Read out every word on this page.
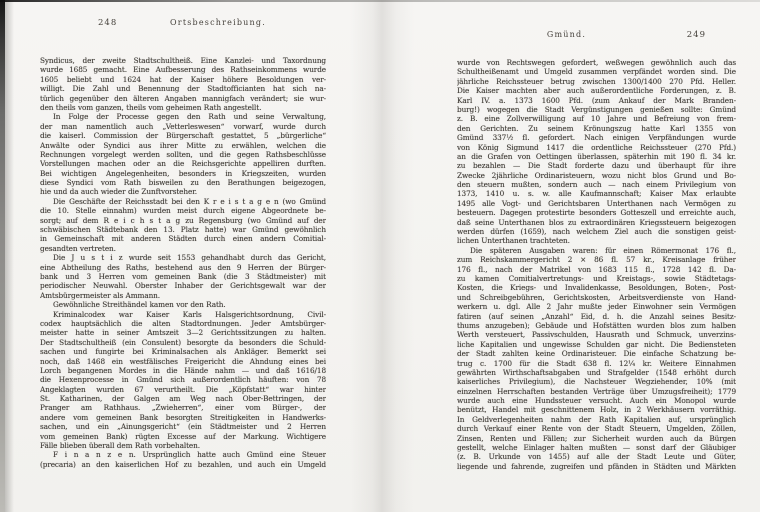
248	Ortsbeschreibung.

Syndicus, der zweite Stadtschultheiß. Eine Kanzlei- und Taxordnung
wurde 1685 gemacht. Eine Aufbesserung des Rathseinkommens wurde
1605 beliebt und 1624 hat der Kaiser höhere Besoldungen ver-
willigt. Die Zahl und Benennung der Stadtofficianten hat sich na-
türlich gegenüber den älteren Angaben mannigfach verändert; sie wur-
den theils vom ganzen, theils vom geheimen Rath angestellt.

In Folge der Processe gegen den Rath und seine Verwaltung,
der man namentlich auch „Vetterleswesen“ vorwarf, wurde durch
die kaiserl. Commission der Bürgerschaft gestattet, 5 „bürgerliche“
Anwälte oder Syndici aus ihrer Mitte zu erwählen, welchen die
Rechnungen vorgelegt werden sollten, und die gegen Rathsbeschlüsse
Vorstellungen machen oder an die Reichsgerichte appelliren durften.
Bei wichtigen Angelegenheiten, besonders in Kriegszeiten, wurden
diese Syndici vom Rath bisweilen zu den Berathungen beigezogen,
hie und da auch wieder die Zunftvorsteher.

Die Geschäfte der Reichsstadt bei den K r e i s t a g e n (wo Gmünd
die 10. Stelle einnahm) wurden meist durch eigene Abgeordnete be-
sorgt; auf dem R e i c h s t a g zu Regensburg (wo Gmünd auf der
schwäbischen Städtebank den 13. Platz hatte) war Gmünd gewöhnlich
in Gemeinschaft mit anderen Städten durch einen andern Comitial-
gesandten vertreten.

Die J u s t i z wurde seit 1553 gehandhabt durch das Gericht,
eine Abtheilung des Raths, bestehend aus den 9 Herren der Bürger-
bank und 3 Herren vom gemeinen Bank (die 3 Städtmeister) mit
periodischer Neuwahl. Oberster Inhaber der Gerichtsgewalt war der
Amtsbürgermeister als Ammann.

Gewöhnliche Streithändel kamen vor den Rath.

Kriminalcodex war Kaiser Karls Halsgerichtsordnung, Civil-
codex hauptsächlich die alten Stadtordnungen. Jeder Amtsbürger-
meister hatte in seiner Amtszeit 3—2 Gerichtssitzungen zu halten.
Der Stadtschultheiß (ein Consulent) besorgte da besonders die Schuld-
sachen und fungirte bei Kriminalsachen als Ankläger. Bemerkt sei
noch, daß 1468 ein westfälisches Freigericht die Ahndung eines bei
Lorch begangenen Mordes in die Hände nahm — und daß 1616/18
die Hexenprocesse in Gmünd sich außerordentlich häuften: von 78
Angeklagten wurden 67 verurtheilt. Die „Köpfstatt“ war hinter
St. Katharinen, der Galgen am Weg nach Ober-Bettringen, der
Pranger am Rathhaus. „Zwieherren“, einer vom Bürger-, der
andere vom gemeinen Bank besorgten Streitigkeiten in Handwerks-
sachen, und ein „Ainungsgericht“ (ein Städtmeister und 2 Herren
vom gemeinen Bank) rügten Excesse auf der Markung. Wichtigere
Fälle blieben überall dem Rath vorbehalten.

F i n a n z e n. Ursprünglich hatte auch Gmünd eine Steuer
(precaria) an den kaiserlichen Hof zu bezahlen, und auch ein Umgeld

Gmünd.	249

wurde von Rechtswegen gefordert, weßwegen gewöhnlich auch das
Schultheißenamt und Umgeld zusammen verpfändet worden sind. Die
jährliche Reichssteuer betrug zwischen 1300/1400 270 Pfd. Heller.
Die Kaiser machten aber auch außerordentliche Forderungen, z. B.
Karl IV. a. 1373 1600 Pfd. (zum Ankauf der Mark Branden-
burg!) wogegen die Stadt Vergünstigungen genießen sollte: Gmünd
z. B. eine Zollverwilligung auf 10 Jahre und Befreiung von frem-
den Gerichten. Zu seinem Krönungszug hatte Karl 1355 von
Gmünd 337½ fl. gefordert. Nach einigen Verpfändungen wurde
von König Sigmund 1417 die ordentliche Reichssteuer (270 Pfd.)
an die Grafen von Oettingen überlassen, späterhin mit 190 fl. 34 kr.
zu bezahlen — Die Stadt forderte dazu und überhaupt für ihre
Zwecke 2jährliche Ordinaristeuern, wozu nicht blos Grund und Bo-
den steuern mußten, sondern auch — nach einem Privilegium von
1373, 1410 u. s. w. alle Kaufmannschaft; Kaiser Max erlaubte
1495 alle Vogt- und Gerichtsbaren Unterthanen nach Vermögen zu
besteuern. Dagegen protestirte besonders Gotteszell und erreichte auch,
daß seine Unterthanen blos zu extraordinären Kriegssteuern beigezogen
werden dürfen (1659), nach welchem Ziel auch die sonstigen geist-
lichen Unterthanen trachteten.

Die späteren Ausgaben waren: für einen Römermonat 176 fl.,
zum Reichskammergericht 2 × 86 fl. 57 kr., Kreisanlage früher
176 fl., nach der Matrikel von 1683 115 fl., 1728 142 fl. Da-
zu kamen Comitialvertretungs- und Kreistags-, sowie Städtetags-
Kosten, die Kriegs- und Invalidenkasse, Besoldungen, Boten-, Post-
und Schreibgebühren, Gerichtskosten, Arbeitsverdienste von Hand-
werkern u. dgl. Alle 2 Jahr mußte jeder Einwohner sein Vermögen
fatiren (auf seinen „Anzahl“ Eid, d. h. die Anzahl seines Besitz-
thums anzugeben); Gebäude und Hofstätten wurden blos zum halben
Werth versteuert, Passivschulden, Hausrath und Schmuck, unverzins-
liche Kapitalien und ungewisse Schulden gar nicht. Die Bediensteten
der Stadt zahlten keine Ordinaristeuer. Die einfache Schatzung be-
trug c. 1700 für die Stadt 638 fl. 12¼ kr. Weitere Einnahmen
gewährten Wirthschaftsabgaben und Strafgelder (1548 erhöht durch
kaiserliches Privilegium), die Nachsteuer Wegziehender, 10% (mit
einzelnen Herrschaften bestanden Verträge über Umzugsfreiheit); 1779
wurde auch eine Hundssteuer versucht. Auch ein Monopol wurde
benützt, Handel mit geschnittenem Holz, in 2 Werkhäusern vorräthig.
In Geldverlegenheiten nahm der Rath Kapitalien auf, ursprünglich
durch Verkauf einer Rente von der Stadt Steuern, Umgelden, Zöllen,
Zinsen, Renten und Fällen; zur Sicherheit wurden auch da Bürgen
gestellt, welche Einlager halten mußten — sonst darf der Gläubiger
(z. B. Urkunde von 1455) auf alle der Stadt Leute und Güter,
liegende und fahrende, zugreifen und pfänden in Städten und Märkten
